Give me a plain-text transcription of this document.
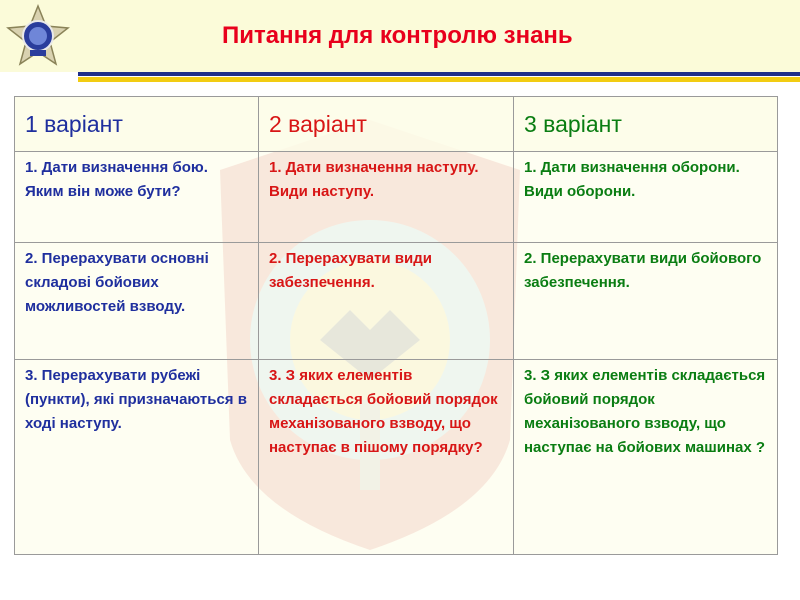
Питання для контролю знань
1 варіант	2 варіант	3 варіант
1. Дати визначення бою. Яким він може бути?	1. Дати визначення наступу. Види наступу.	1. Дати визначення оборони. Види оборони.
2. Перерахувати основні складові бойових можливостей взводу.	2. Перерахувати види забезпечення.	2. Перерахувати види бойового забезпечення.
3. Перерахувати рубежі (пункти), які призначаються в ході наступу.	3. З яких елементів складається бойовий порядок механізованого взводу, що наступає в пішому порядку?	3. З яких елементів складається бойовий порядок механізованого взводу, що наступає на бойових машинах ?
